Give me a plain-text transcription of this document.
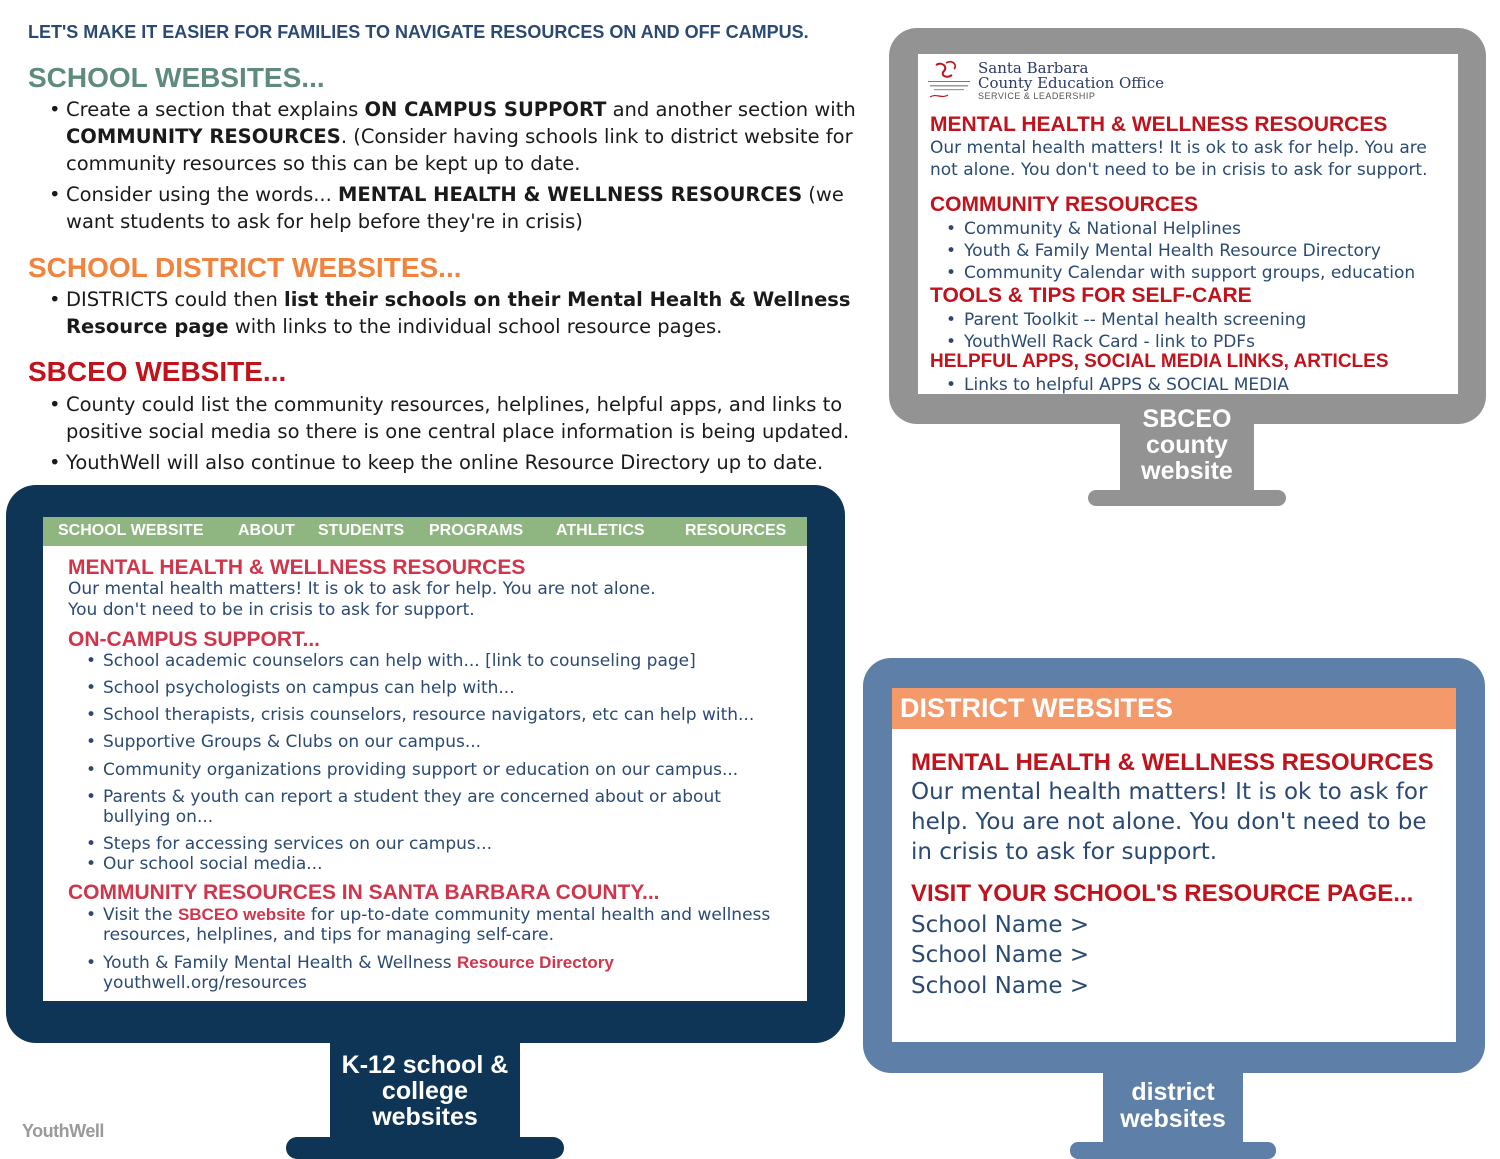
LET'S MAKE IT EASIER FOR FAMILIES TO NAVIGATE RESOURCES ON AND OFF CAMPUS.
SCHOOL WEBSITES...
• Create a section that explains ON CAMPUS SUPPORT and another section with COMMUNITY RESOURCES. (Consider having schools link to district website for community resources so this can be kept up to date.
• Consider using the words... MENTAL HEALTH & WELLNESS RESOURCES (we want students to ask for help before they're in crisis)
SCHOOL DISTRICT WEBSITES...
• DISTRICTS could then list their schools on their Mental Health & Wellness Resource page with links to the individual school resource pages.
SBCEO WEBSITE...
• County could list the community resources, helplines, helpful apps, and links to positive social media so there is one central place information is being updated.
• YouthWell will also continue to keep the online Resource Directory up to date.
SBCEO county website
Santa Barbara
County Education Office
SERVICE & LEADERSHIP
MENTAL HEALTH & WELLNESS RESOURCES
Our mental health matters! It is ok to ask for help. You are not alone. You don't need to be in crisis to ask for support.
COMMUNITY RESOURCES
• Community & National Helplines
• Youth & Family Mental Health Resource Directory
• Community Calendar with support groups, education
TOOLS & TIPS FOR SELF-CARE
• Parent Toolkit -- Mental health screening
• YouthWell Rack Card - link to PDFs
HELPFUL APPS, SOCIAL MEDIA LINKS, ARTICLES
• Links to helpful APPS & SOCIAL MEDIA
K-12 school & college websites
SCHOOL WEBSITE ABOUT STUDENTS PROGRAMS ATHLETICS	RESOURCES
MENTAL HEALTH & WELLNESS RESOURCES
Our mental health matters! It is ok to ask for help. You are not alone.
You don't need to be in crisis to ask for support.
ON-CAMPUS SUPPORT...
• School academic counselors can help with... [link to counseling page]
• School psychologists on campus can help with...
• School therapists, crisis counselors, resource navigators, etc can help with...
• Supportive Groups & Clubs on our campus...
• Community organizations providing support or education on our campus...
• Parents & youth can report a student they are concerned about or about bullying on...
• Steps for accessing services on our campus...
• Our school social media...
COMMUNITY RESOURCES IN SANTA BARBARA COUNTY...
• Visit the SBCEO website for up-to-date community mental health and wellness resources, helplines, and tips for managing self-care.
• Youth & Family Mental Health & Wellness Resource Directory
youthwell.org/resources
district websites
DISTRICT WEBSITES
MENTAL HEALTH & WELLNESS RESOURCES
Our mental health matters! It is ok to ask for help. You are not alone. You don't need to be in crisis to ask for support.
VISIT YOUR SCHOOL'S RESOURCE PAGE...
School Name >
School Name >
School Name >
YouthWell
